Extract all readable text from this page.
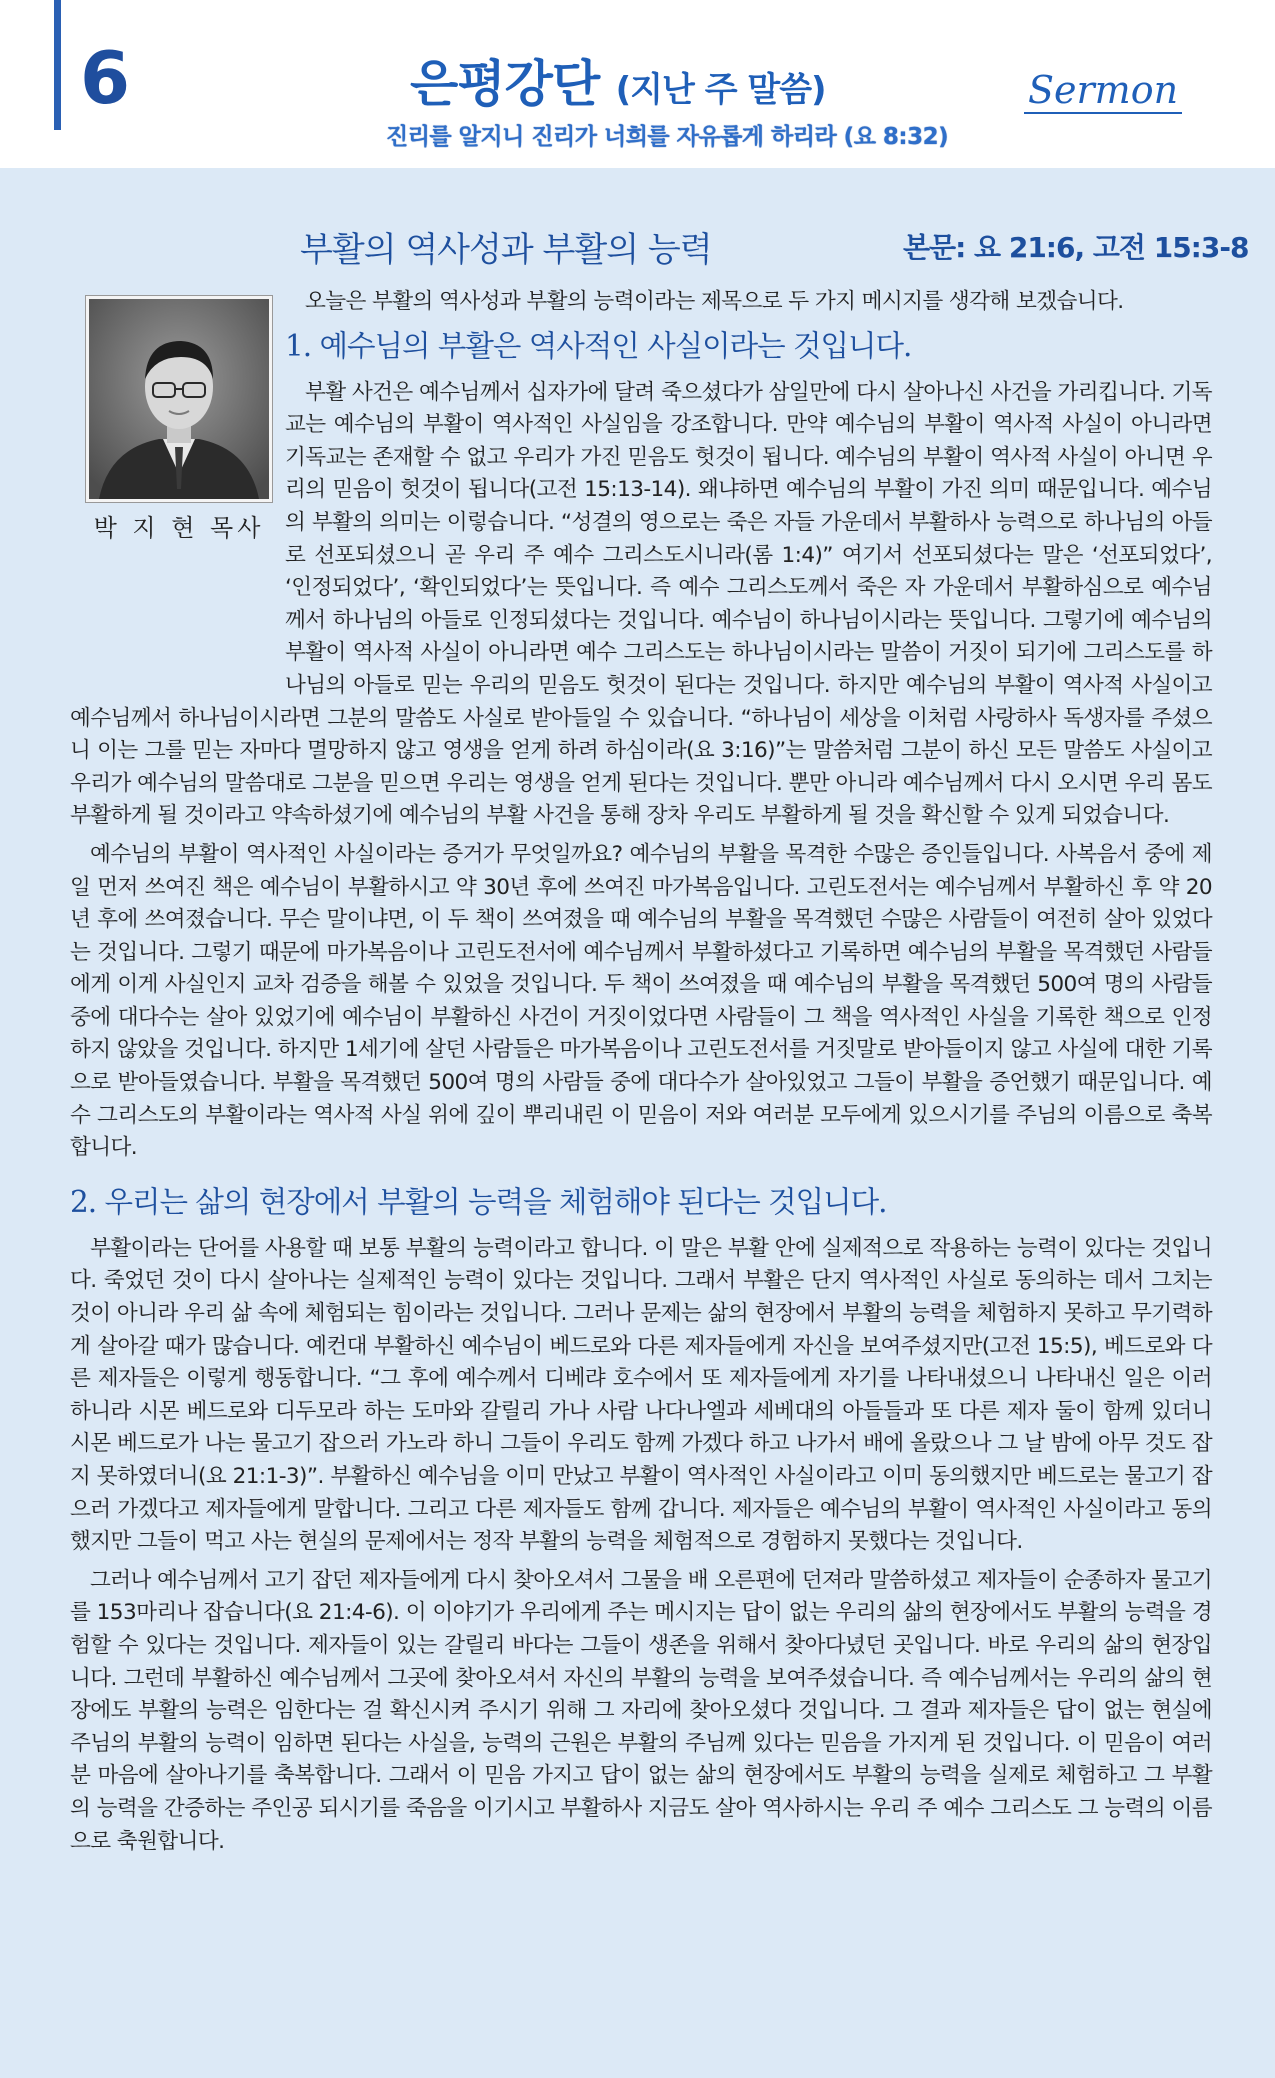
6	은평강단 (지난 주 말씀)	Sermon
진리를 알지니 진리가 너희를 자유롭게 하리라 (요 8:32)
부활의 역사성과 부활의 능력	본문: 요 21:6, 고전 15:3-8
박 지 현 목사

오늘은 부활의 역사성과 부활의 능력이라는 제목으로 두 가지 메시지를 생각해 보겠습니다.

1. 예수님의 부활은 역사적인 사실이라는 것입니다.

부활 사건은 예수님께서 십자가에 달려 죽으셨다가 삼일만에 다시 살아나신 사건을 가리킵니다. 기독교는 예수님의 부활이 역사적인 사실임을 강조합니다. 만약 예수님의 부활이 역사적 사실이 아니라면 기독교는 존재할 수 없고 우리가 가진 믿음도 헛것이 됩니다. 예수님의 부활이 역사적 사실이 아니면 우리의 믿음이 헛것이 됩니다(고전 15:13-14). 왜냐하면 예수님의 부활이 가진 의미 때문입니다. 예수님의 부활의 의미는 이렇습니다. “성결의 영으로는 죽은 자들 가운데서 부활하사 능력으로 하나님의 아들로 선포되셨으니 곧 우리 주 예수 그리스도시니라(롬 1:4)” 여기서 선포되셨다는 말은 ‘선포되었다’, ‘인정되었다’, ‘확인되었다’는 뜻입니다. 즉 예수 그리스도께서 죽은 자 가운데서 부활하심으로 예수님께서 하나님의 아들로 인정되셨다는 것입니다. 예수님이 하나님이시라는 뜻입니다. 그렇기에 예수님의 부활이 역사적 사실이 아니라면 예수 그리스도는 하나님이시라는 말씀이 거짓이 되기에 그리스도를 하나님의 아들로 믿는 우리의 믿음도 헛것이 된다는 것입니다. 하지만 예수님의 부활이 역사적 사실이고 예수님께서 하나님이시라면 그분의 말씀도 사실로 받아들일 수 있습니다. “하나님이 세상을 이처럼 사랑하사 독생자를 주셨으니 이는 그를 믿는 자마다 멸망하지 않고 영생을 얻게 하려 하심이라(요 3:16)”는 말씀처럼 그분이 하신 모든 말씀도 사실이고 우리가 예수님의 말씀대로 그분을 믿으면 우리는 영생을 얻게 된다는 것입니다. 뿐만 아니라 예수님께서 다시 오시면 우리 몸도 부활하게 될 것이라고 약속하셨기에 예수님의 부활 사건을 통해 장차 우리도 부활하게 될 것을 확신할 수 있게 되었습니다.

예수님의 부활이 역사적인 사실이라는 증거가 무엇일까요? 예수님의 부활을 목격한 수많은 증인들입니다. 사복음서 중에 제일 먼저 쓰여진 책은 예수님이 부활하시고 약 30년 후에 쓰여진 마가복음입니다. 고린도전서는 예수님께서 부활하신 후 약 20년 후에 쓰여졌습니다. 무슨 말이냐면, 이 두 책이 쓰여졌을 때 예수님의 부활을 목격했던 수많은 사람들이 여전히 살아 있었다는 것입니다. 그렇기 때문에 마가복음이나 고린도전서에 예수님께서 부활하셨다고 기록하면 예수님의 부활을 목격했던 사람들에게 이게 사실인지 교차 검증을 해볼 수 있었을 것입니다. 두 책이 쓰여졌을 때 예수님의 부활을 목격했던 500여 명의 사람들 중에 대다수는 살아 있었기에 예수님이 부활하신 사건이 거짓이었다면 사람들이 그 책을 역사적인 사실을 기록한 책으로 인정하지 않았을 것입니다. 하지만 1세기에 살던 사람들은 마가복음이나 고린도전서를 거짓말로 받아들이지 않고 사실에 대한 기록으로 받아들였습니다. 부활을 목격했던 500여 명의 사람들 중에 대다수가 살아있었고 그들이 부활을 증언했기 때문입니다. 예수 그리스도의 부활이라는 역사적 사실 위에 깊이 뿌리내린 이 믿음이 저와 여러분 모두에게 있으시기를 주님의 이름으로 축복합니다.

2. 우리는 삶의 현장에서 부활의 능력을 체험해야 된다는 것입니다.

부활이라는 단어를 사용할 때 보통 부활의 능력이라고 합니다. 이 말은 부활 안에 실제적으로 작용하는 능력이 있다는 것입니다. 죽었던 것이 다시 살아나는 실제적인 능력이 있다는 것입니다. 그래서 부활은 단지 역사적인 사실로 동의하는 데서 그치는 것이 아니라 우리 삶 속에 체험되는 힘이라는 것입니다. 그러나 문제는 삶의 현장에서 부활의 능력을 체험하지 못하고 무기력하게 살아갈 때가 많습니다. 예컨대 부활하신 예수님이 베드로와 다른 제자들에게 자신을 보여주셨지만(고전 15:5), 베드로와 다른 제자들은 이렇게 행동합니다. “그 후에 예수께서 디베랴 호수에서 또 제자들에게 자기를 나타내셨으니 나타내신 일은 이러하니라 시몬 베드로와 디두모라 하는 도마와 갈릴리 가나 사람 나다나엘과 세베대의 아들들과 또 다른 제자 둘이 함께 있더니 시몬 베드로가 나는 물고기 잡으러 가노라 하니 그들이 우리도 함께 가겠다 하고 나가서 배에 올랐으나 그 날 밤에 아무 것도 잡지 못하였더니(요 21:1-3)”. 부활하신 예수님을 이미 만났고 부활이 역사적인 사실이라고 이미 동의했지만 베드로는 물고기 잡으러 가겠다고 제자들에게 말합니다. 그리고 다른 제자들도 함께 갑니다. 제자들은 예수님의 부활이 역사적인 사실이라고 동의했지만 그들이 먹고 사는 현실의 문제에서는 정작 부활의 능력을 체험적으로 경험하지 못했다는 것입니다.

그러나 예수님께서 고기 잡던 제자들에게 다시 찾아오셔서 그물을 배 오른편에 던져라 말씀하셨고 제자들이 순종하자 물고기를 153마리나 잡습니다(요 21:4-6). 이 이야기가 우리에게 주는 메시지는 답이 없는 우리의 삶의 현장에서도 부활의 능력을 경험할 수 있다는 것입니다. 제자들이 있는 갈릴리 바다는 그들이 생존을 위해서 찾아다녔던 곳입니다. 바로 우리의 삶의 현장입니다. 그런데 부활하신 예수님께서 그곳에 찾아오셔서 자신의 부활의 능력을 보여주셨습니다. 즉 예수님께서는 우리의 삶의 현장에도 부활의 능력은 임한다는 걸 확신시켜 주시기 위해 그 자리에 찾아오셨다 것입니다. 그 결과 제자들은 답이 없는 현실에 주님의 부활의 능력이 임하면 된다는 사실을, 능력의 근원은 부활의 주님께 있다는 믿음을 가지게 된 것입니다. 이 믿음이 여러분 마음에 살아나기를 축복합니다. 그래서 이 믿음 가지고 답이 없는 삶의 현장에서도 부활의 능력을 실제로 체험하고 그 부활의 능력을 간증하는 주인공 되시기를 죽음을 이기시고 부활하사 지금도 살아 역사하시는 우리 주 예수 그리스도 그 능력의 이름으로 축원합니다.
